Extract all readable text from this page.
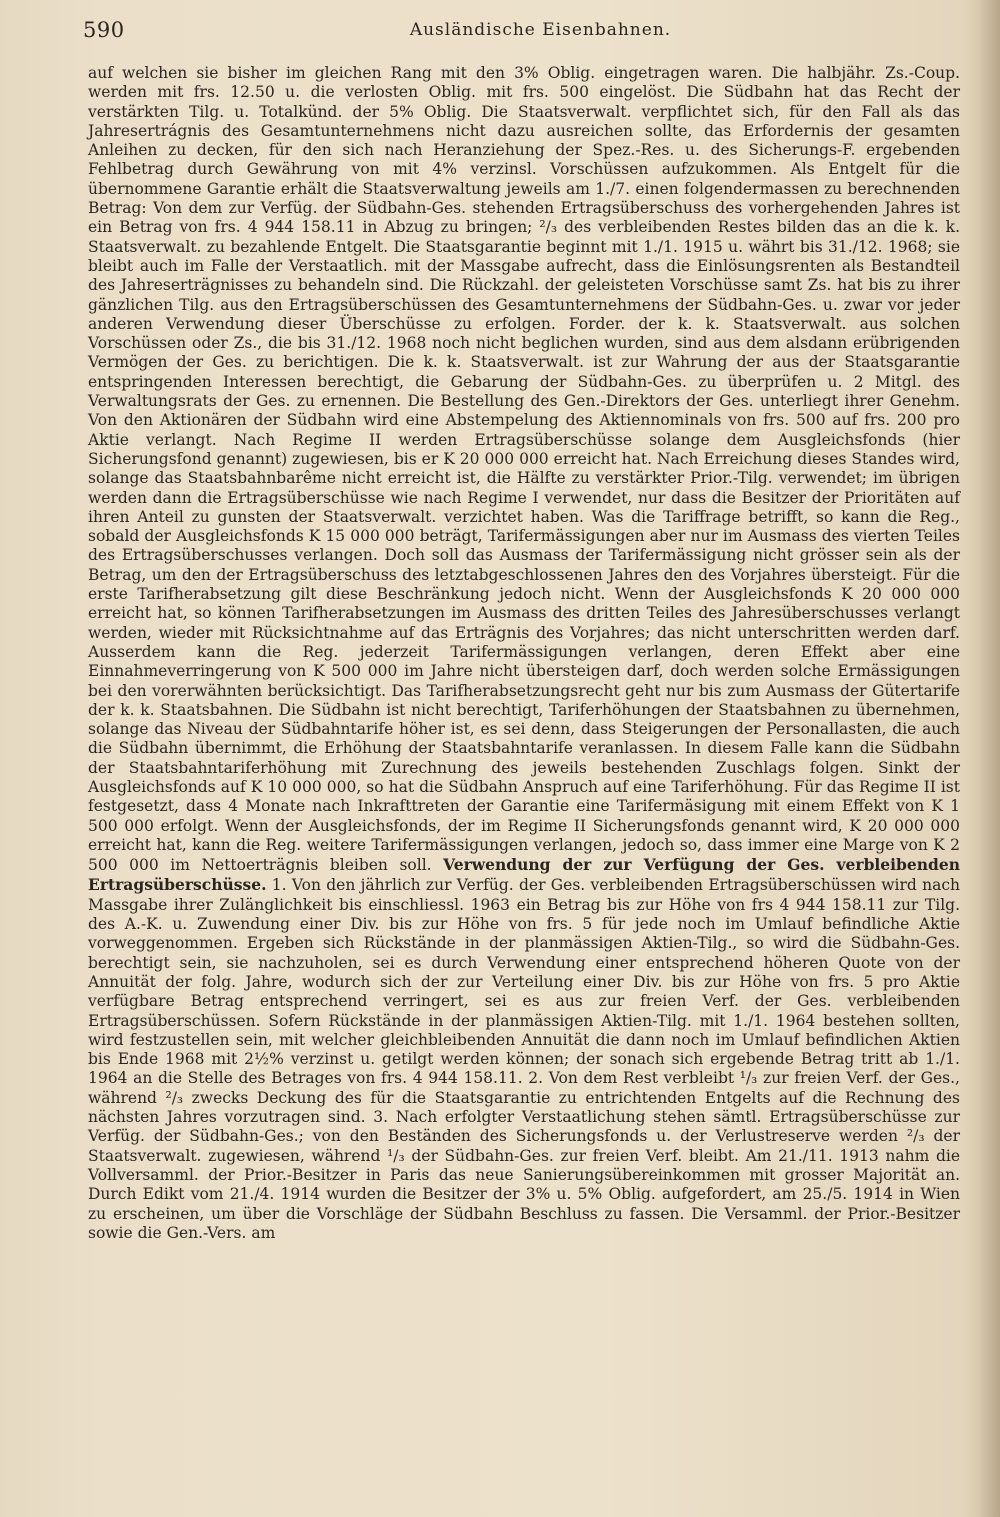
590	Ausländische Eisenbahnen.

auf welchen sie bisher im gleichen Rang mit den 3% Oblig. eingetragen waren. Die halbjähr. Zs.-Coup. werden mit frs. 12.50 u. die verlosten Oblig. mit frs. 500 eingelöst. Die Südbahn hat das Recht der verstärkten Tilg. u. Totalkünd. der 5% Oblig. Die Staatsverwalt. verpflichtet sich, für den Fall als das Jahresertrágnis des Gesamtunternehmens nicht dazu ausreichen sollte, das Erfordernis der gesamten Anleihen zu decken, für den sich nach Heranziehung der Spez.-Res. u. des Sicherungs-F. ergebenden Fehlbetrag durch Gewährung von mit 4% verzinsl. Vorschüssen aufzukommen. Als Entgelt für die übernommene Garantie erhält die Staatsverwaltung jeweils am 1./7. einen folgendermassen zu berechnenden Betrag: Von dem zur Verfüg. der Südbahn-Ges. stehenden Ertragsüberschuss des vorhergehenden Jahres ist ein Betrag von frs. 4 944 158.11 in Abzug zu bringen; ²/₃ des verbleibenden Restes bilden das an die k. k. Staatsverwalt. zu bezahlende Entgelt. Die Staatsgarantie beginnt mit 1./1. 1915 u. währt bis 31./12. 1968; sie bleibt auch im Falle der Verstaatlich. mit der Massgabe aufrecht, dass die Einlösungsrenten als Bestandteil des Jahreserträgnisses zu behandeln sind. Die Rückzahl. der geleisteten Vorschüsse samt Zs. hat bis zu ihrer gänzlichen Tilg. aus den Ertragsüberschüssen des Gesamtunternehmens der Südbahn-Ges. u. zwar vor jeder anderen Verwendung dieser Überschüsse zu erfolgen. Forder. der k. k. Staatsverwalt. aus solchen Vorschüssen oder Zs., die bis 31./12. 1968 noch nicht beglichen wurden, sind aus dem alsdann erübrigenden Vermögen der Ges. zu berichtigen. Die k. k. Staatsverwalt. ist zur Wahrung der aus der Staatsgarantie entspringenden Interessen berechtigt, die Gebarung der Südbahn-Ges. zu überprüfen u. 2 Mitgl. des Verwaltungsrats der Ges. zu ernennen. Die Bestellung des Gen.-Direktors der Ges. unterliegt ihrer Genehm. Von den Aktionären der Südbahn wird eine Abstempelung des Aktiennominals von frs. 500 auf frs. 200 pro Aktie verlangt. Nach Regime II werden Ertragsüberschüsse solange dem Ausgleichsfonds (hier Sicherungsfond genannt) zugewiesen, bis er K 20 000 000 erreicht hat. Nach Erreichung dieses Standes wird, solange das Staatsbahnbarême nicht erreicht ist, die Hälfte zu verstärkter Prior.-Tilg. verwendet; im übrigen werden dann die Ertragsüberschüsse wie nach Regime I verwendet, nur dass die Besitzer der Prioritäten auf ihren Anteil zu gunsten der Staatsverwalt. verzichtet haben. Was die Tariffrage betrifft, so kann die Reg., sobald der Ausgleichsfonds K 15 000 000 beträgt, Tarifermässigungen aber nur im Ausmass des vierten Teiles des Ertragsüberschusses verlangen. Doch soll das Ausmass der Tarifermässigung nicht grösser sein als der Betrag, um den der Ertragsüberschuss des letztabgeschlossenen Jahres den des Vorjahres übersteigt. Für die erste Tarifherabsetzung gilt diese Beschränkung jedoch nicht. Wenn der Ausgleichsfonds K 20 000 000 erreicht hat, so können Tarifherabsetzungen im Ausmass des dritten Teiles des Jahresüberschusses verlangt werden, wieder mit Rücksichtnahme auf das Erträgnis des Vorjahres; das nicht unterschritten werden darf. Ausserdem kann die Reg. jederzeit Tarifermässigungen verlangen, deren Effekt aber eine Einnahmeverringerung von K 500 000 im Jahre nicht übersteigen darf, doch werden solche Ermässigungen bei den vorerwähnten berücksichtigt. Das Tarifherabsetzungsrecht geht nur bis zum Ausmass der Gütertarife der k. k. Staatsbahnen. Die Südbahn ist nicht berechtigt, Tariferhöhungen der Staatsbahnen zu übernehmen, solange das Niveau der Südbahntarife höher ist, es sei denn, dass Steigerungen der Personallasten, die auch die Südbahn übernimmt, die Erhöhung der Staatsbahntarife veranlassen. In diesem Falle kann die Südbahn der Staatsbahntariferhöhung mit Zurechnung des jeweils bestehenden Zuschlags folgen. Sinkt der Ausgleichsfonds auf K 10 000 000, so hat die Südbahn Anspruch auf eine Tariferhöhung. Für das Regime II ist festgesetzt, dass 4 Monate nach Inkrafttreten der Garantie eine Tarifermäsigung mit einem Effekt von K 1 500 000 erfolgt. Wenn der Ausgleichsfonds, der im Regime II Sicherungsfonds genannt wird, K 20 000 000 erreicht hat, kann die Reg. weitere Tarifermässigungen verlangen, jedoch so, dass immer eine Marge von K 2 500 000 im Nettoerträgnis bleiben soll. Verwendung der zur Verfügung der Ges. verbleibenden Ertragsüberschüsse. 1. Von den jährlich zur Verfüg. der Ges. verbleibenden Ertragsüberschüssen wird nach Massgabe ihrer Zulänglichkeit bis einschliessl. 1963 ein Betrag bis zur Höhe von frs 4 944 158.11 zur Tilg. des A.-K. u. Zuwendung einer Div. bis zur Höhe von frs. 5 für jede noch im Umlauf befindliche Aktie vorweggenommen. Ergeben sich Rückstände in der planmässigen Aktien-Tilg., so wird die Südbahn-Ges. berechtigt sein, sie nachzuholen, sei es durch Verwendung einer entsprechend höheren Quote von der Annuität der folg. Jahre, wodurch sich der zur Verteilung einer Div. bis zur Höhe von frs. 5 pro Aktie verfügbare Betrag entsprechend verringert, sei es aus zur freien Verf. der Ges. verbleibenden Ertragsüberschüssen. Sofern Rückstände in der planmässigen Aktien-Tilg. mit 1./1. 1964 bestehen sollten, wird festzustellen sein, mit welcher gleichbleibenden Annuität die dann noch im Umlauf befindlichen Aktien bis Ende 1968 mit 2½% verzinst u. getilgt werden können; der sonach sich ergebende Betrag tritt ab 1./1. 1964 an die Stelle des Betrages von frs. 4 944 158.11. 2. Von dem Rest verbleibt ¹/₃ zur freien Verf. der Ges., während ²/₃ zwecks Deckung des für die Staatsgarantie zu entrichtenden Entgelts auf die Rechnung des nächsten Jahres vorzutragen sind. 3. Nach erfolgter Verstaatlichung stehen sämtl. Ertragsüberschüsse zur Verfüg. der Südbahn-Ges.; von den Beständen des Sicherungsfonds u. der Verlustreserve werden ²/₃ der Staatsverwalt. zugewiesen, während ¹/₃ der Südbahn-Ges. zur freien Verf. bleibt. Am 21./11. 1913 nahm die Vollversamml. der Prior.-Besitzer in Paris das neue Sanierungsübereinkommen mit grosser Majorität an. Durch Edikt vom 21./4. 1914 wurden die Besitzer der 3% u. 5% Oblig. aufgefordert, am 25./5. 1914 in Wien zu erscheinen, um über die Vorschläge der Südbahn Beschluss zu fassen. Die Versamml. der Prior.-Besitzer sowie die Gen.-Vers. am
